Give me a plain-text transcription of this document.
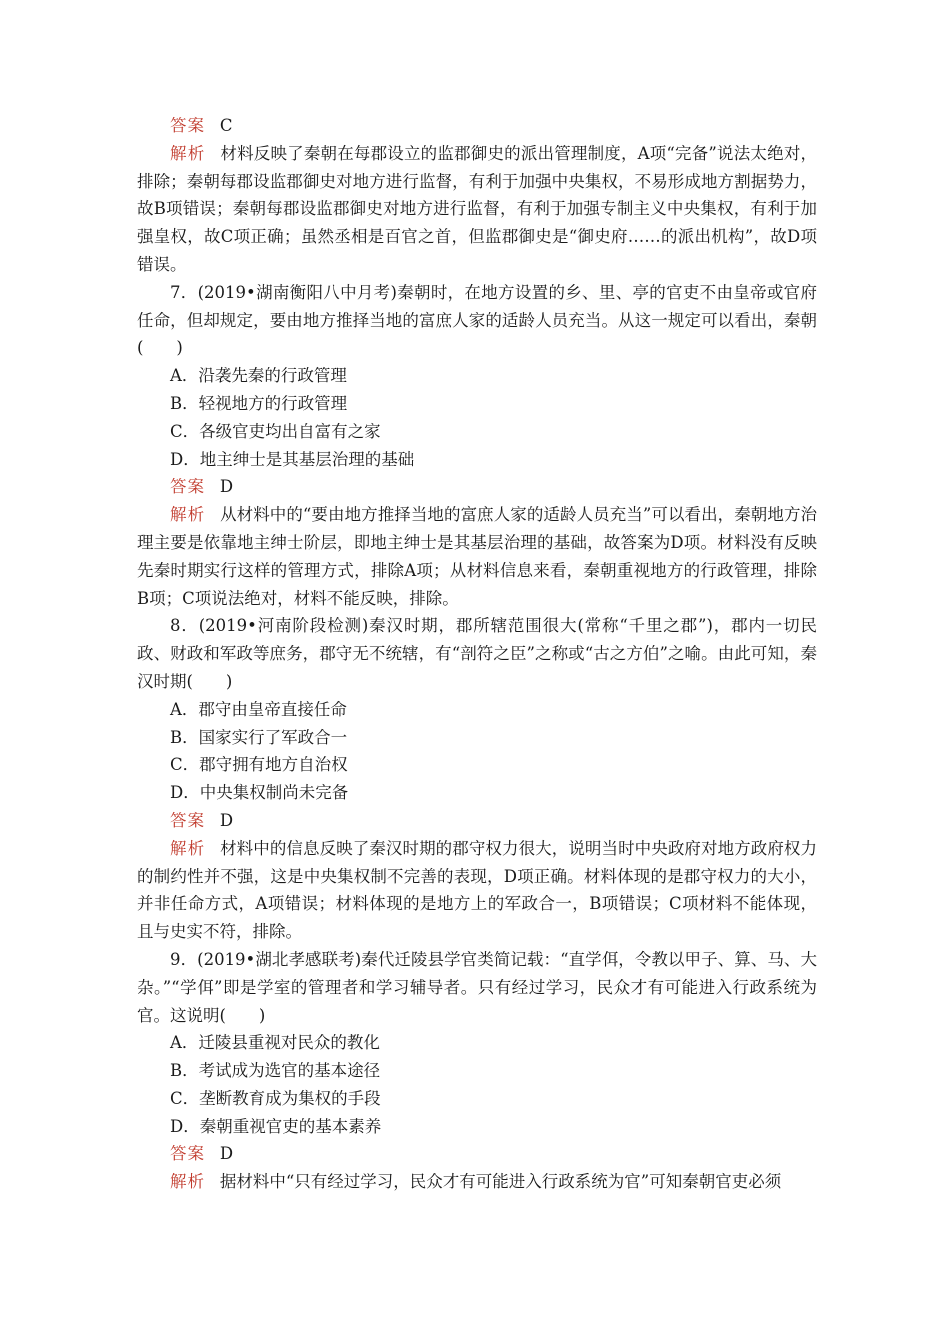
答案 C

解析 材料反映了秦朝在每郡设立的监郡御史的派出管理制度，A项“完备”说法太绝对，排除；秦朝每郡设监郡御史对地方进行监督，有利于加强中央集权，不易形成地方割据势力，故B项错误；秦朝每郡设监郡御史对地方进行监督，有利于加强专制主义中央集权，有利于加强皇权，故C项正确；虽然丞相是百官之首，但监郡御史是“御史府……的派出机构”，故D项错误。

7．(2019•湖南衡阳八中月考)秦朝时，在地方设置的乡、里、亭的官吏不由皇帝或官府任命，但却规定，要由地方推择当地的富庶人家的适龄人员充当。从这一规定可以看出，秦朝(　　)

A．沿袭先秦的行政管理

B．轻视地方的行政管理

C．各级官吏均出自富有之家

D．地主绅士是其基层治理的基础

答案 D

解析 从材料中的“要由地方推择当地的富庶人家的适龄人员充当”可以看出，秦朝地方治理主要是依靠地主绅士阶层，即地主绅士是其基层治理的基础，故答案为D项。材料没有反映先秦时期实行这样的管理方式，排除A项；从材料信息来看，秦朝重视地方的行政管理，排除B项；C项说法绝对，材料不能反映，排除。

8．(2019•河南阶段检测)秦汉时期，郡所辖范围很大(常称“千里之郡”)，郡内一切民政、财政和军政等庶务，郡守无不统辖，有“剖符之臣”之称或“古之方伯”之喻。由此可知，秦汉时期(　　)

A．郡守由皇帝直接任命

B．国家实行了军政合一

C．郡守拥有地方自治权

D．中央集权制尚未完备

答案 D

解析 材料中的信息反映了秦汉时期的郡守权力很大，说明当时中央政府对地方政府权力的制约性并不强，这是中央集权制不完善的表现，D项正确。材料体现的是郡守权力的大小，并非任命方式，A项错误；材料体现的是地方上的军政合一，B项错误；C项材料不能体现，且与史实不符，排除。

9．(2019•湖北孝感联考)秦代迁陵县学官类简记载：“直学佴，令教以甲子、算、马、大杂。”“学佴”即是学室的管理者和学习辅导者。只有经过学习，民众才有可能进入行政系统为官。这说明(　　)

A．迁陵县重视对民众的教化

B．考试成为选官的基本途径

C．垄断教育成为集权的手段

D．秦朝重视官吏的基本素养

答案 D

解析 据材料中“只有经过学习，民众才有可能进入行政系统为官”可知秦朝官吏必须
